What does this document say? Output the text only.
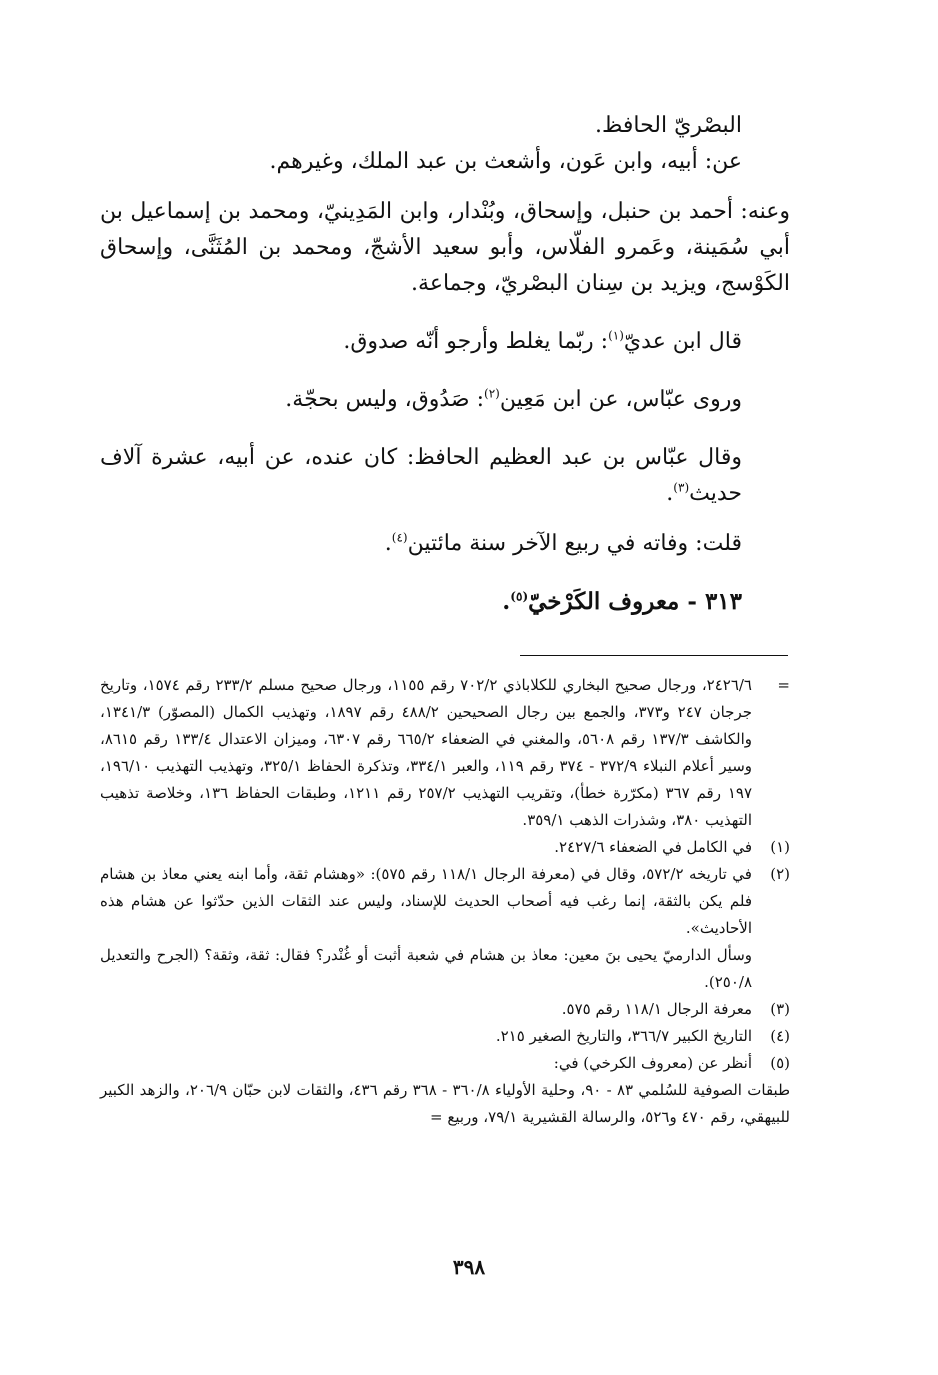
البصْريّ الحافظ.

عن: أبيه، وابن عَون، وأشعث بن عبد الملك، وغيرهم.

وعنه: أحمد بن حنبل، وإسحاق، وبُنْدار، وابن المَدِينيّ، ومحمد بن إسماعيل بن أبي سُمَينة، وعَمرو الفلّاس، وأبو سعيد الأشجّ، ومحمد بن المُثَنَّى، وإسحاق الكَوْسج، ويزيد بن سِنان البصْريّ، وجماعة.

قال ابن عديّ$^{(١)}$: ربّما يغلط وأرجو أنّه صدوق.

وروى عبّاس، عن ابن مَعِين$^{(٢)}$: صَدُوق، وليس بحجّة.

وقال عبّاس بن عبد العظيم الحافظ: كان عنده، عن أبيه، عشرة آلاف حديث$^{(٣)}$.

قلت: وفاته في ربيع الآخر سنة مائتين$^{(٤)}$.

٣١٣ - معروف الكَرْخيّ$^{(٥)}$.

=
٢٤٢٦/٦، ورجال صحيح البخاري للكلاباذي ٧٠٢/٢ رقم ١١٥٥، ورجال صحيح مسلم ٢٣٣/٢ رقم ١٥٧٤، وتاريخ جرجان ٢٤٧ و٣٧٣، والجمع بين رجال الصحيحين ٤٨٨/٢ رقم ١٨٩٧، وتهذيب الكمال (المصوّر) ١٣٤١/٣، والكاشف ١٣٧/٣ رقم ٥٦٠٨، والمغني في الضعفاء ٦٦٥/٢ رقم ٦٣٠٧، وميزان الاعتدال ١٣٣/٤ رقم ٨٦١٥، وسير أعلام النبلاء ٣٧٢/٩ - ٣٧٤ رقم ١١٩، والعبر ٣٣٤/١، وتذكرة الحفاظ ٣٢٥/١، وتهذيب التهذيب ١٩٦/١٠، ١٩٧ رقم ٣٦٧ (مكرّرة خطأ)، وتقريب التهذيب ٢٥٧/٢ رقم ١٢١١، وطبقات الحفاظ ١٣٦، وخلاصة تذهيب التهذيب ٣٨٠، وشذرات الذهب ٣٥٩/١.
(١)
في الكامل في الضعفاء ٢٤٢٧/٦.
(٢)
في تاريخه ٥٧٢/٢، وقال في (معرفة الرجال ١١٨/١ رقم ٥٧٥): «وهشام ثقة، وأما ابنه يعني معاذ بن هشام فلم يكن بالثقة، إنما رغب فيه أصحاب الحديث للإسناد، وليس عند الثقات الذين حدّثوا عن هشام هذه الأحاديث».
وسأل الدارميّ يحيى بنَ معين: معاذ بن هشام في شعبة أثبت أو غُنْدر؟ فقال: ثقة، وثقة؟ (الجرح والتعديل ٢٥٠/٨).
(٣)
معرفة الرجال ١١٨/١ رقم ٥٧٥.
(٤)
التاريخ الكبير ٣٦٦/٧، والتاريخ الصغير ٢١٥.
(٥)
أنظر عن (معروف الكرخي) في:
طبقات الصوفية للسُلمي ٨٣ - ٩٠، وحلية الأولياء ٣٦٠/٨ - ٣٦٨ رقم ٤٣٦، والثقات لابن حبّان ٢٠٦/٩، والزهد الكبير للبيهقي، رقم ٤٧٠ و٥٢٦، والرسالة القشيرية ٧٩/١، وربيع =
٣٩٨
